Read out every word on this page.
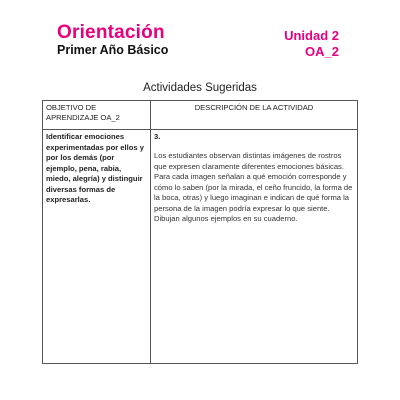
Orientación
Primer Año Básico
Unidad 2
OA_2
Actividades Sugeridas
OBJETIVO DE APRENDIZAJE OA_2	DESCRIPCIÓN DE LA ACTIVIDAD

Identificar emociones experimentadas por ellos y por los demás (por ejemplo, pena, rabia, miedo, alegría) y distinguir diversas formas de expresarlas.	3.
Los estudiantes observan distintas imágenes de rostros que expresen claramente diferentes emociones básicas. Para cada imagen señalan a qué emoción corresponde y cómo lo saben (por la mirada, el ceño fruncido, la forma de la boca, otras) y luego imaginan e indican de qué forma la persona de la imagen podría expresar lo que siente. Dibujan algunos ejemplos en su cuaderno.
